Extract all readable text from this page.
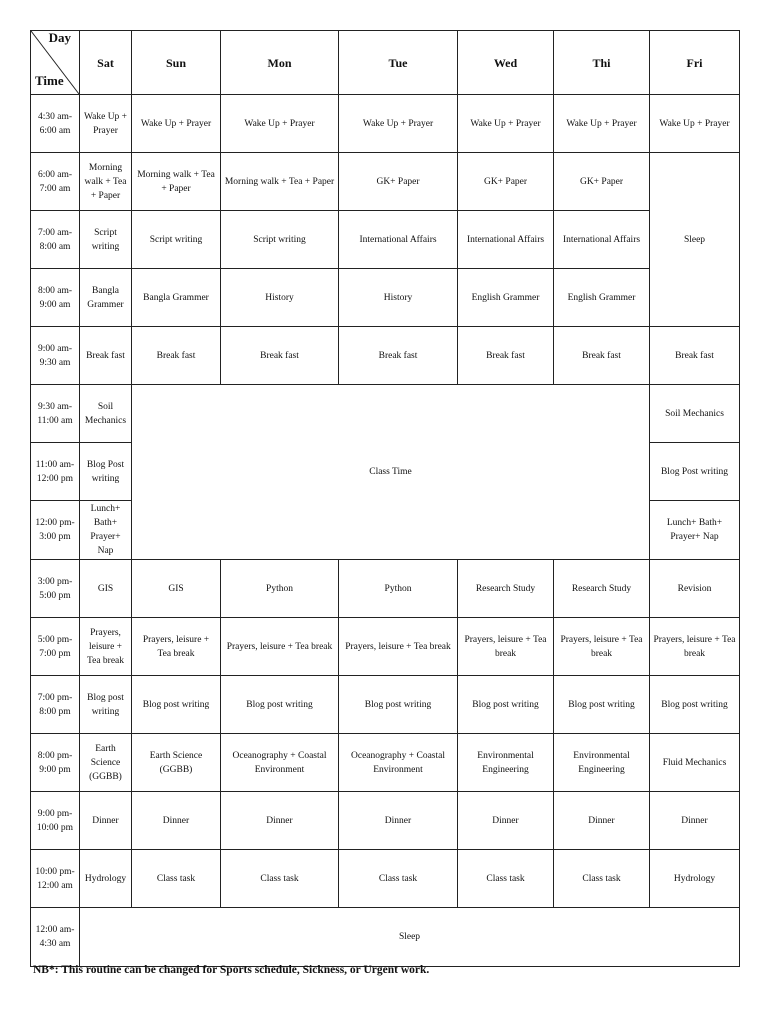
Day
Time	Sat	Sun	Mon	Tue	Wed	Thi	Fri
4:30 am- 6:00 am	Wake Up + Prayer	Wake Up + Prayer	Wake Up + Prayer	Wake Up + Prayer	Wake Up + Prayer	Wake Up + Prayer	Wake Up + Prayer
6:00 am- 7:00 am	Morning walk + Tea + Paper	Morning walk + Tea + Paper	Morning walk + Tea + Paper	GK+ Paper	GK+ Paper	GK+ Paper	Sleep
7:00 am- 8:00 am	Script writing	Script writing	Script writing	International Affairs	International Affairs	International Affairs	
8:00 am- 9:00 am	Bangla Grammer	Bangla Grammer	History	History	English Grammer	English Grammer	
9:00 am- 9:30 am	Break fast	Break fast	Break fast	Break fast	Break fast	Break fast	Break fast
9:30 am- 11:00 am	Soil Mechanics	Class Time					Soil Mechanics
11:00 am- 12:00 pm	Blog Post writing						Blog Post writing
12:00 pm- 3:00 pm	Lunch+ Bath+ Prayer+ Nap						Lunch+ Bath+ Prayer+ Nap
3:00 pm- 5:00 pm	GIS	GIS	Python	Python	Research Study	Research Study	Revision
5:00 pm- 7:00 pm	Prayers, leisure + Tea break	Prayers, leisure + Tea break	Prayers, leisure + Tea break	Prayers, leisure + Tea break	Prayers, leisure + Tea break	Prayers, leisure + Tea break	Prayers, leisure + Tea break
7:00 pm- 8:00 pm	Blog post writing	Blog post writing	Blog post writing	Blog post writing	Blog post writing	Blog post writing	Blog post writing
8:00 pm- 9:00 pm	Earth Science (GGBB)	Earth Science (GGBB)	Oceanography + Coastal Environment	Oceanography + Coastal Environment	Environmental Engineering	Environmental Engineering	Fluid Mechanics
9:00 pm- 10:00 pm	Dinner	Dinner	Dinner	Dinner	Dinner	Dinner	Dinner
10:00 pm- 12:00 am	Hydrology	Class task	Class task	Class task	Class task	Class task	Hydrology
12:00 am- 4:30 am	Sleep						
NB*: This routine can be changed for Sports schedule, Sickness, or Urgent work.
